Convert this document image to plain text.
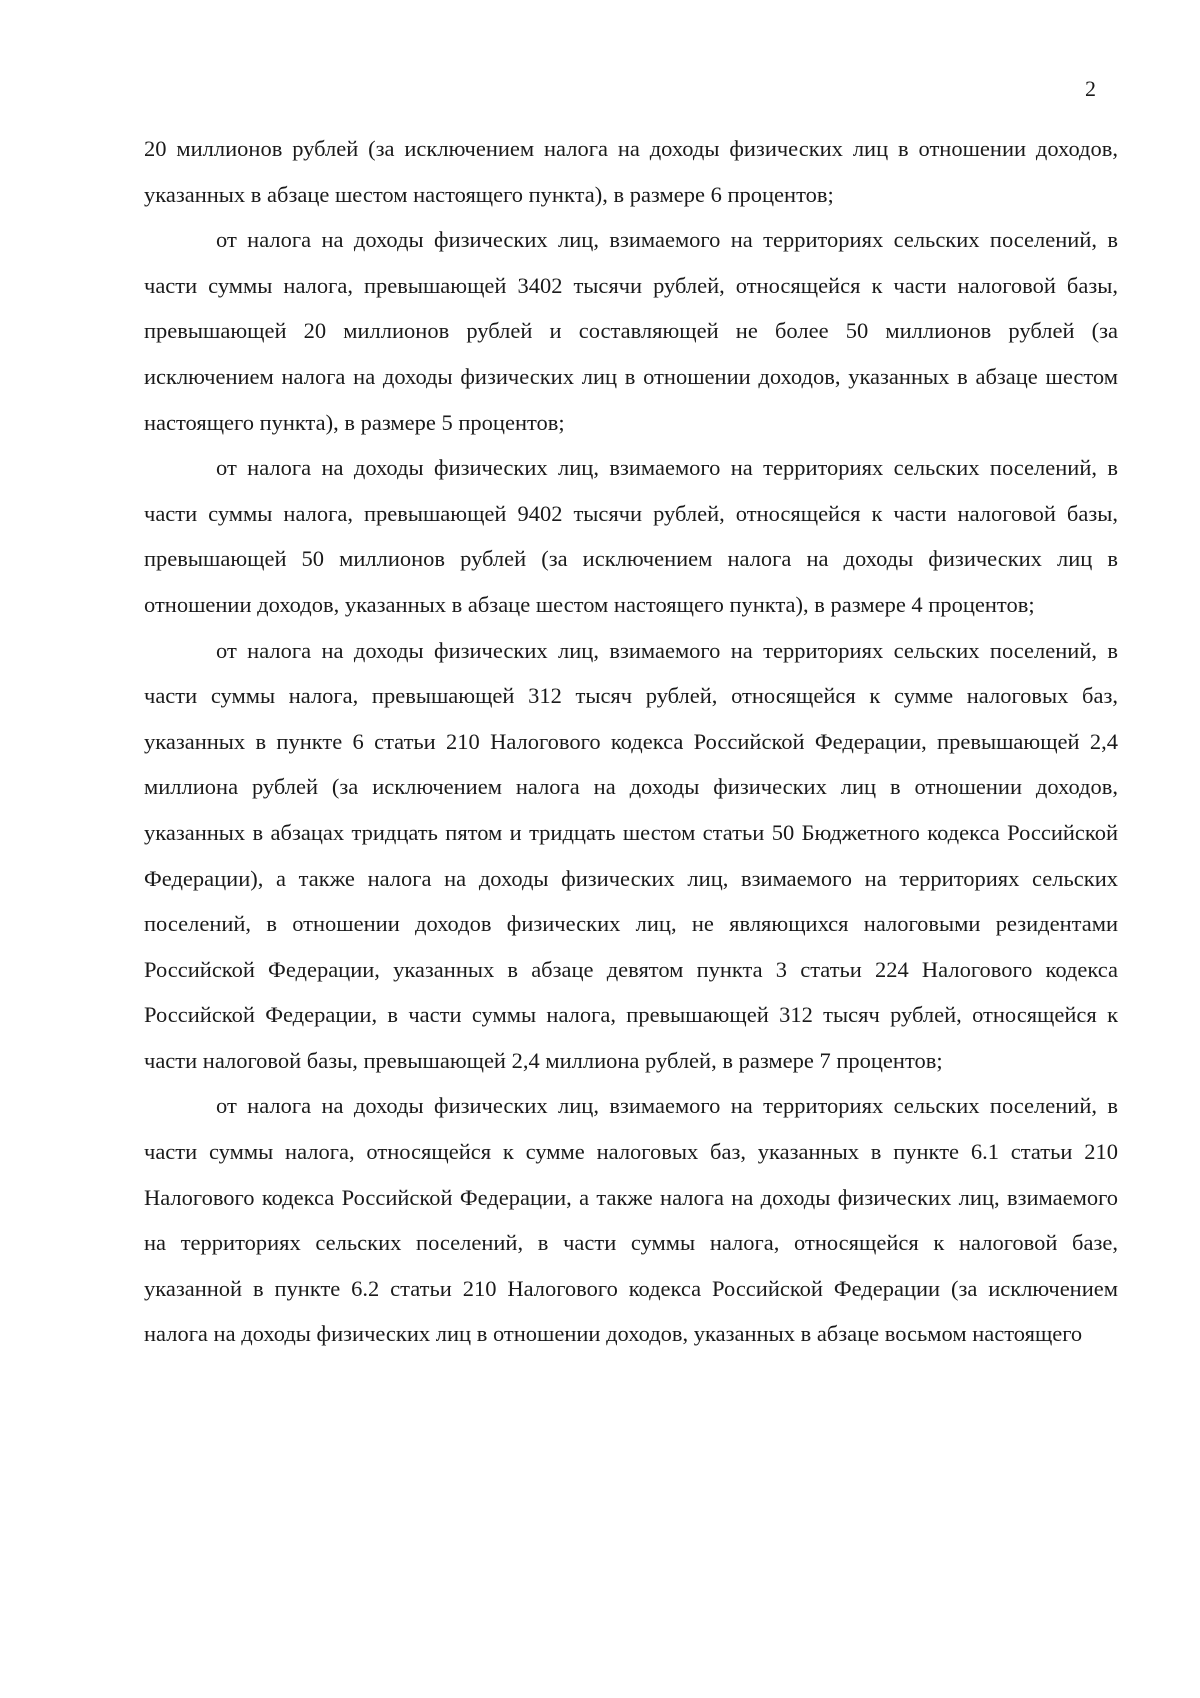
2

20 миллионов рублей (за исключением налога на доходы физических лиц в отношении доходов, указанных в абзаце шестом настоящего пункта), в размере 6 процентов;

от налога на доходы физических лиц, взимаемого на территориях сельских поселений, в части суммы налога, превышающей 3402 тысячи рублей, относящейся к части налоговой базы, превышающей 20 миллионов рублей и составляющей не более 50 миллионов рублей (за исключением налога на доходы физических лиц в отношении доходов, указанных в абзаце шестом настоящего пункта), в размере 5 процентов;

от налога на доходы физических лиц, взимаемого на территориях сельских поселений, в части суммы налога, превышающей 9402 тысячи рублей, относящейся к части налоговой базы, превышающей 50 миллионов рублей (за исключением налога на доходы физических лиц в отношении доходов, указанных в абзаце шестом настоящего пункта), в размере 4 процентов;

от налога на доходы физических лиц, взимаемого на территориях сельских поселений, в части суммы налога, превышающей 312 тысяч рублей, относящейся к сумме налоговых баз, указанных в пункте 6 статьи 210 Налогового кодекса Российской Федерации, превышающей 2,4 миллиона рублей (за исключением налога на доходы физических лиц в отношении доходов, указанных в абзацах тридцать пятом и тридцать шестом статьи 50 Бюджетного кодекса Российской Федерации), а также налога на доходы физических лиц, взимаемого на территориях сельских поселений, в отношении доходов физических лиц, не являющихся налоговыми резидентами Российской Федерации, указанных в абзаце девятом пункта 3 статьи 224 Налогового кодекса Российской Федерации, в части суммы налога, превышающей 312 тысяч рублей, относящейся к части налоговой базы, превышающей 2,4 миллиона рублей, в размере 7 процентов;

от налога на доходы физических лиц, взимаемого на территориях сельских поселений, в части суммы налога, относящейся к сумме налоговых баз, указанных в пункте 6.1 статьи 210 Налогового кодекса Российской Федерации, а также налога на доходы физических лиц, взимаемого на территориях сельских поселений, в части суммы налога, относящейся к налоговой базе, указанной в пункте 6.2 статьи 210 Налогового кодекса Российской Федерации (за исключением налога на доходы физических лиц в отношении доходов, указанных в абзаце восьмом настоящего
